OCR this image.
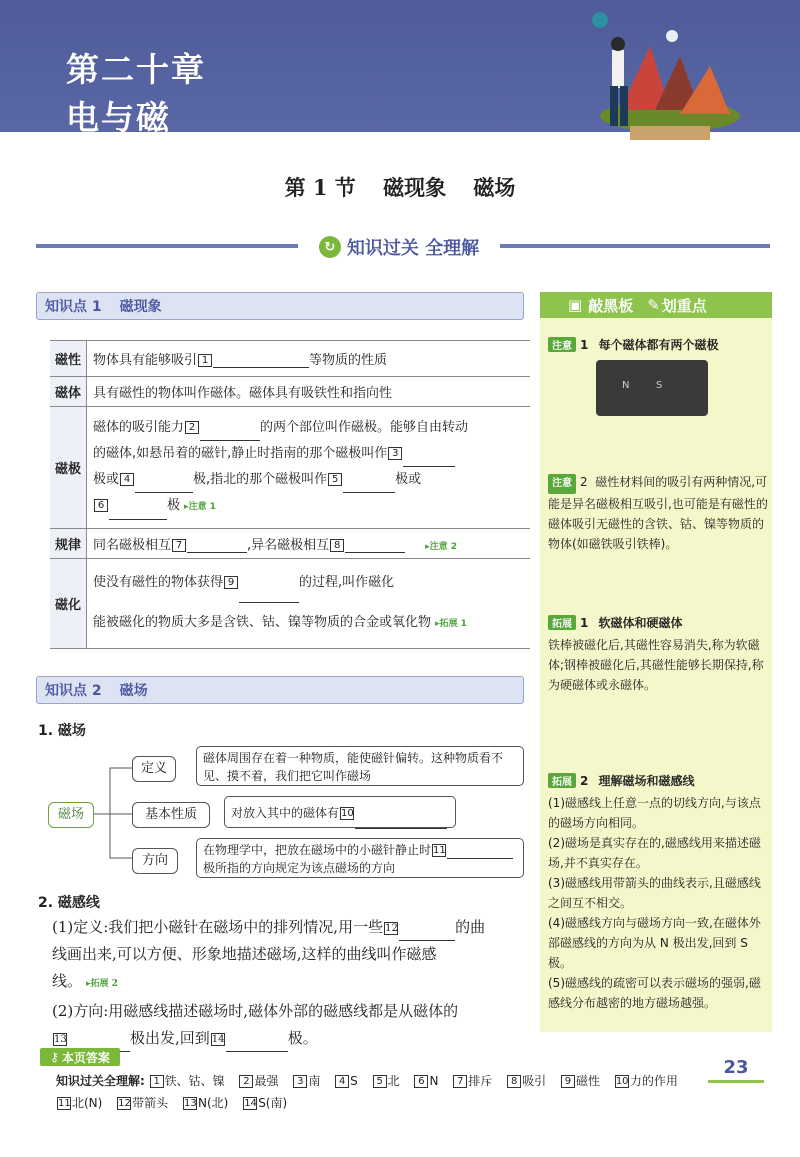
第二十章
电与磁
第 1 节 磁现象 磁场
↻ 知识过关 全理解
知识点 1 磁现象
磁性	物体具有能够吸引 1 等物质的性质
磁体	具有磁性的物体叫作磁体。磁体具有吸铁性和指向性
磁极	磁体的吸引能力 2 的两个部位叫作磁极。能够自由转动
的磁体,如悬吊着的磁针,静止时指南的那个磁极叫作 3
极或 4 极,指北的那个磁极叫作 5 极或
6 极 ▸注意 1

规律	同名磁极相互 7 ,异名磁极相互 8 ▸注意 2
磁化	使没有磁性的物体获得 9 的过程,叫作磁化
能被磁化的物质大多是含铁、钴、镍等物质的合金或氧化物 ▸拓展 1
知识点 2 磁场
1. 磁场
磁场
定义
磁体周围存在着一种物质，能使磁针偏转。这种物质看不见、摸不着，我们把它叫作磁场
基本性质	对放入其中的磁体有 10
方向
在物理学中，把放在磁场中的小磁针静止时 11
极所指的方向规定为该点磁场的方向
2. 磁感线
(1)定义:我们把小磁针在磁场中的排列情况,用一些 12	的曲
线画出来,可以方便、形象地描述磁场,这样的曲线叫作磁感
线。 ▸拓展 2
(2)方向:用磁感线描述磁场时,磁体外部的磁感线都是从磁体的
13	极出发,回到 14	极。
▣ 敲黑板 ✎ 划重点
注意 1 每个磁体都有两个磁极
N	S
注意 2 磁性材料间的吸引有两种情况,可能是异名磁极相互吸引,也可能是有磁性的磁体吸引无磁性的含铁、钴、镍等物质的物体(如磁铁吸引铁棒)。
拓展 1 软磁体和硬磁体
铁棒被磁化后,其磁性容易消失,称为软磁体;钢棒被磁化后,其磁性能够长期保持,称为硬磁体或永磁体。
拓展 2 理解磁场和磁感线
(1)磁感线上任意一点的切线方向,与该点的磁场方向相同。
(2)磁场是真实存在的,磁感线用来描述磁场,并不真实存在。
(3)磁感线用带箭头的曲线表示,且磁感线之间互不相交。
(4)磁感线方向与磁场方向一致,在磁体外部磁感线的方向为从 N 极出发,回到 S 极。
(5)磁感线的疏密可以表示磁场的强弱,磁感线分布越密的地方磁场越强。
⚷ 本页答案
知识过关全理解: 1 铁、钴、镍 2 最强 3 南 4 S 5 北 6 N 7 排斥 8 吸引 9 磁性 10力的作用
11北(N) 12带箭头 13N(北) 14S(南)
23
